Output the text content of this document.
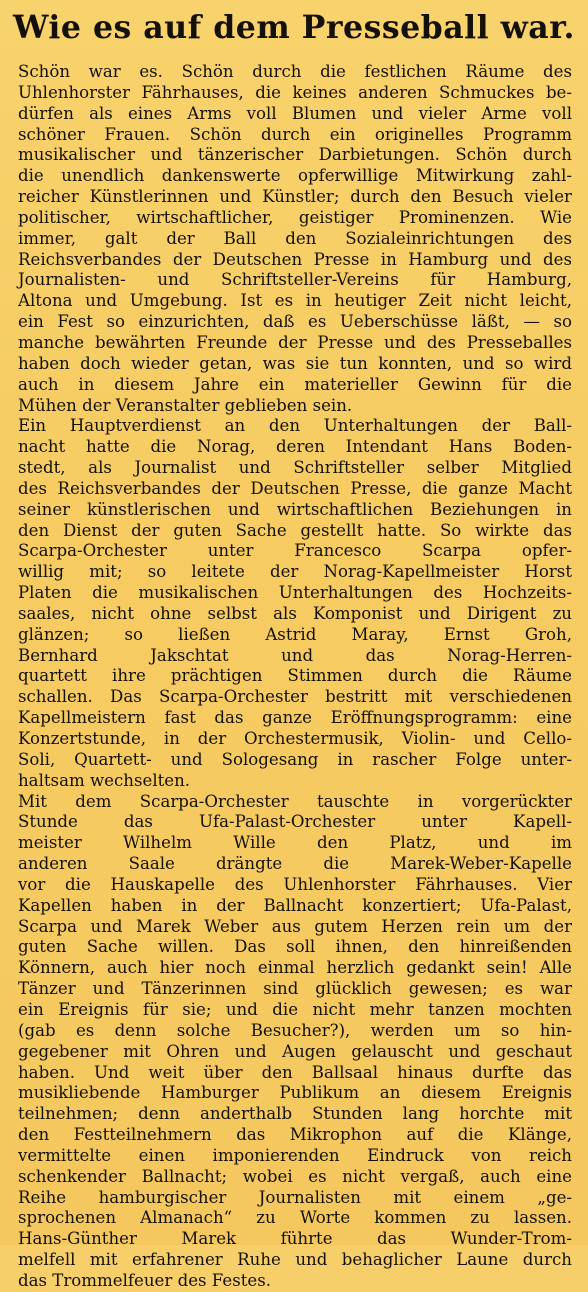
Wie es auf dem Presseball war.
Schön war es. Schön durch die festlichen Räume des
Uhlenhorster Fährhauses, die keines anderen Schmuckes be-
dürfen als eines Arms voll Blumen und vieler Arme voll
schöner Frauen. Schön durch ein originelles Programm
musikalischer und tänzerischer Darbietungen. Schön durch
die unendlich dankenswerte opferwillige Mitwirkung zahl-
reicher Künstlerinnen und Künstler; durch den Besuch vieler
politischer, wirtschaftlicher, geistiger Prominenzen. Wie
immer, galt der Ball den Sozialeinrichtungen des
Reichsverbandes der Deutschen Presse in Hamburg und des
Journalisten- und Schriftsteller-Vereins für Hamburg,
Altona und Umgebung. Ist es in heutiger Zeit nicht leicht,
ein Fest so einzurichten, daß es Ueberschüsse läßt, — so
manche bewährten Freunde der Presse und des Presseballes
haben doch wieder getan, was sie tun konnten, und so wird
auch in diesem Jahre ein materieller Gewinn für die
Mühen der Veranstalter geblieben sein.
Ein Hauptverdienst an den Unterhaltungen der Ball-
nacht hatte die Norag, deren Intendant Hans Boden-
stedt, als Journalist und Schriftsteller selber Mitglied
des Reichsverbandes der Deutschen Presse, die ganze Macht
seiner künstlerischen und wirtschaftlichen Beziehungen in
den Dienst der guten Sache gestellt hatte. So wirkte das
Scarpa-Orchester unter Francesco Scarpa opfer-
willig mit; so leitete der Norag-Kapellmeister Horst
Platen die musikalischen Unterhaltungen des Hochzeits-
saales, nicht ohne selbst als Komponist und Dirigent zu
glänzen; so ließen Astrid Maray, Ernst Groh,
Bernhard Jakschtat und das Norag-Herren-
quartett ihre prächtigen Stimmen durch die Räume
schallen. Das Scarpa-Orchester bestritt mit verschiedenen
Kapellmeistern fast das ganze Eröffnungsprogramm: eine
Konzertstunde, in der Orchestermusik, Violin- und Cello-
Soli, Quartett- und Sologesang in rascher Folge unter-
haltsam wechselten.
Mit dem Scarpa-Orchester tauschte in vorgerückter
Stunde das Ufa-Palast-Orchester unter Kapell-
meister Wilhelm Wille den Platz, und im
anderen Saale drängte die Marek-Weber-Kapelle
vor die Hauskapelle des Uhlenhorster Fährhauses. Vier
Kapellen haben in der Ballnacht konzertiert; Ufa-Palast,
Scarpa und Marek Weber aus gutem Herzen rein um der
guten Sache willen. Das soll ihnen, den hinreißenden
Könnern, auch hier noch einmal herzlich gedankt sein! Alle
Tänzer und Tänzerinnen sind glücklich gewesen; es war
ein Ereignis für sie; und die nicht mehr tanzen mochten
(gab es denn solche Besucher?), werden um so hin-
gegebener mit Ohren und Augen gelauscht und geschaut
haben. Und weit über den Ballsaal hinaus durfte das
musikliebende Hamburger Publikum an diesem Ereignis
teilnehmen; denn anderthalb Stunden lang horchte mit
den Festteilnehmern das Mikrophon auf die Klänge,
vermittelte einen imponierenden Eindruck von reich
schenkender Ballnacht; wobei es nicht vergaß, auch eine
Reihe hamburgischer Journalisten mit einem „ge-
sprochenen Almanach“ zu Worte kommen zu lassen.
Hans-Günther Marek führte das Wunder-Trom-
melfell mit erfahrener Ruhe und behaglicher Laune durch
das Trommelfeuer des Festes.
